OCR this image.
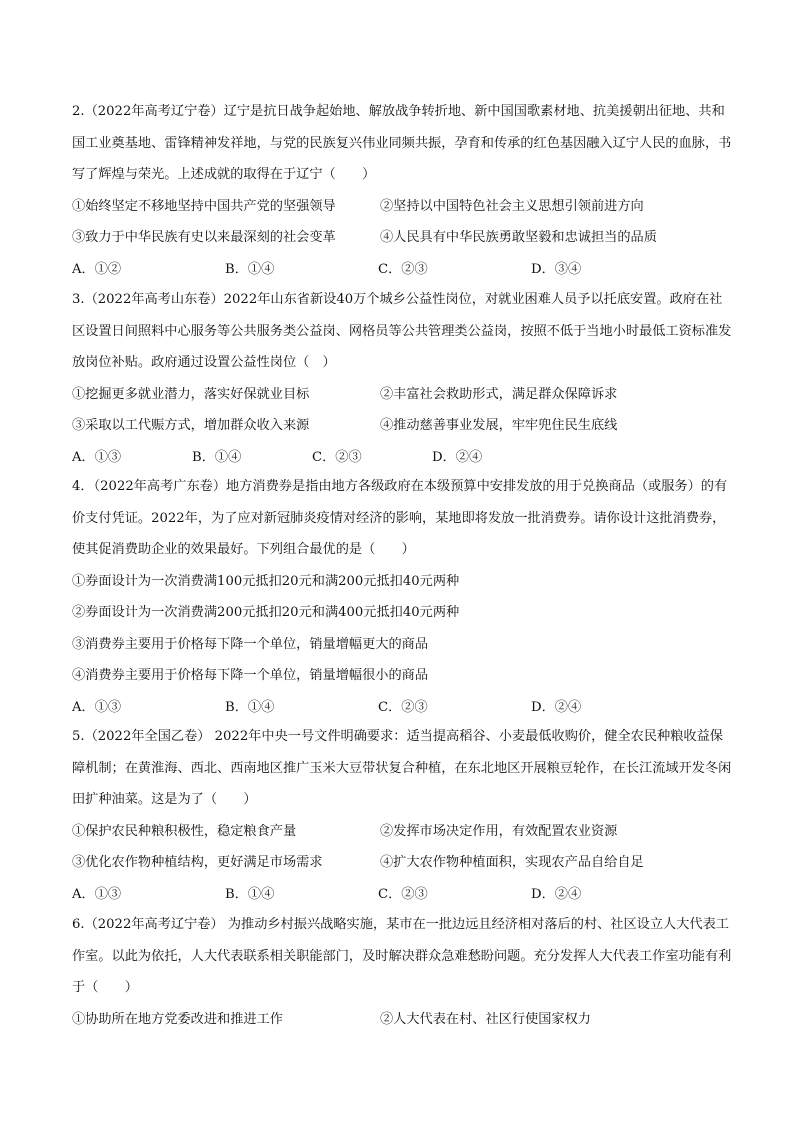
2.（2022年高考辽宁卷）辽宁是抗日战争起始地、解放战争转折地、新中国国歌素材地、抗美援朝出征地、共和国工业奠基地、雷锋精神发祥地，与党的民族复兴伟业同频共振，孕育和传承的红色基因融入辽宁人民的血脉，书写了辉煌与荣光。上述成就的取得在于辽宁（　　）
①始终坚定不移地坚持中国共产党的坚强领导	②坚持以中国特色社会主义思想引领前进方向
③致力于中华民族有史以来最深刻的社会变革	④人民具有中华民族勇敢坚毅和忠诚担当的品质
A．①②	B．①④	C．②③	D．③④
3.（2022年高考山东卷）2022年山东省新设40万个城乡公益性岗位，对就业困难人员予以托底安置。政府在社区设置日间照料中心服务等公共服务类公益岗、网格员等公共管理类公益岗，按照不低于当地小时最低工资标准发放岗位补贴。政府通过设置公益性岗位（　）
①挖掘更多就业潜力，落实好保就业目标	②丰富社会救助形式，满足群众保障诉求
③采取以工代赈方式，增加群众收入来源	④推动慈善事业发展，牢牢兜住民生底线
A．①③	B．①④	C．②③	D．②④
4．（2022年高考广东卷）地方消费券是指由地方各级政府在本级预算中安排发放的用于兑换商品（或服务）的有价支付凭证。2022年，为了应对新冠肺炎疫情对经济的影响，某地即将发放一批消费券。请你设计这批消费券，使其促消费助企业的效果最好。下列组合最优的是（　　）
①券面设计为一次消费满100元抵扣20元和满200元抵扣40元两种
②券面设计为一次消费满200元抵扣20元和满400元抵扣40元两种
③消费券主要用于价格每下降一个单位，销量增幅更大的商品
④消费券主要用于价格每下降一个单位，销量增幅很小的商品
A．①③	B．①④	C．②③	D．②④
5.（2022年全国乙卷） 2022年中央一号文件明确要求：适当提高稻谷、小麦最低收购价，健全农民种粮收益保障机制；在黄淮海、西北、西南地区推广玉米大豆带状复合种植，在东北地区开展粮豆轮作，在长江流域开发冬闲田扩种油菜。这是为了（　　）
①保护农民种粮积极性，稳定粮食产量	②发挥市场决定作用，有效配置农业资源
③优化农作物种植结构，更好满足市场需求	④扩大农作物种植面积，实现农产品自给自足
A．①③	B．①④	C．②③	D．②④
6.（2022年高考辽宁卷） 为推动乡村振兴战略实施，某市在一批边远且经济相对落后的村、社区设立人大代表工作室。以此为依托，人大代表联系相关职能部门，及时解决群众急难愁盼问题。充分发挥人大代表工作室功能有利于（　　）
①协助所在地方党委改进和推进工作	②人大代表在村、社区行使国家权力
